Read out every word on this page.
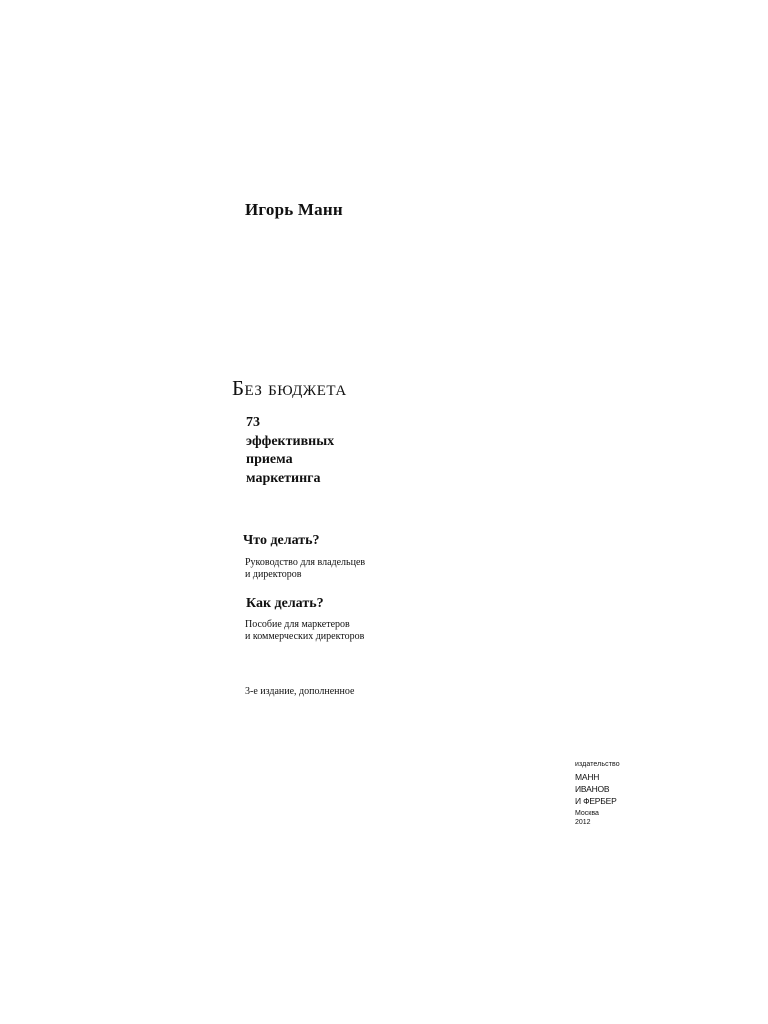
Игорь Манн
Без бюджета
73
эффективных
приема
маркетинга
Что делать?
Руководство для владельцев
и директоров
Как делать?
Пособие для маркетеров
и коммерческих директоров
3-е издание, дополненное
издательство
МАНН
ИВАНОВ
И ФЕРБЕР
Москва
2012
